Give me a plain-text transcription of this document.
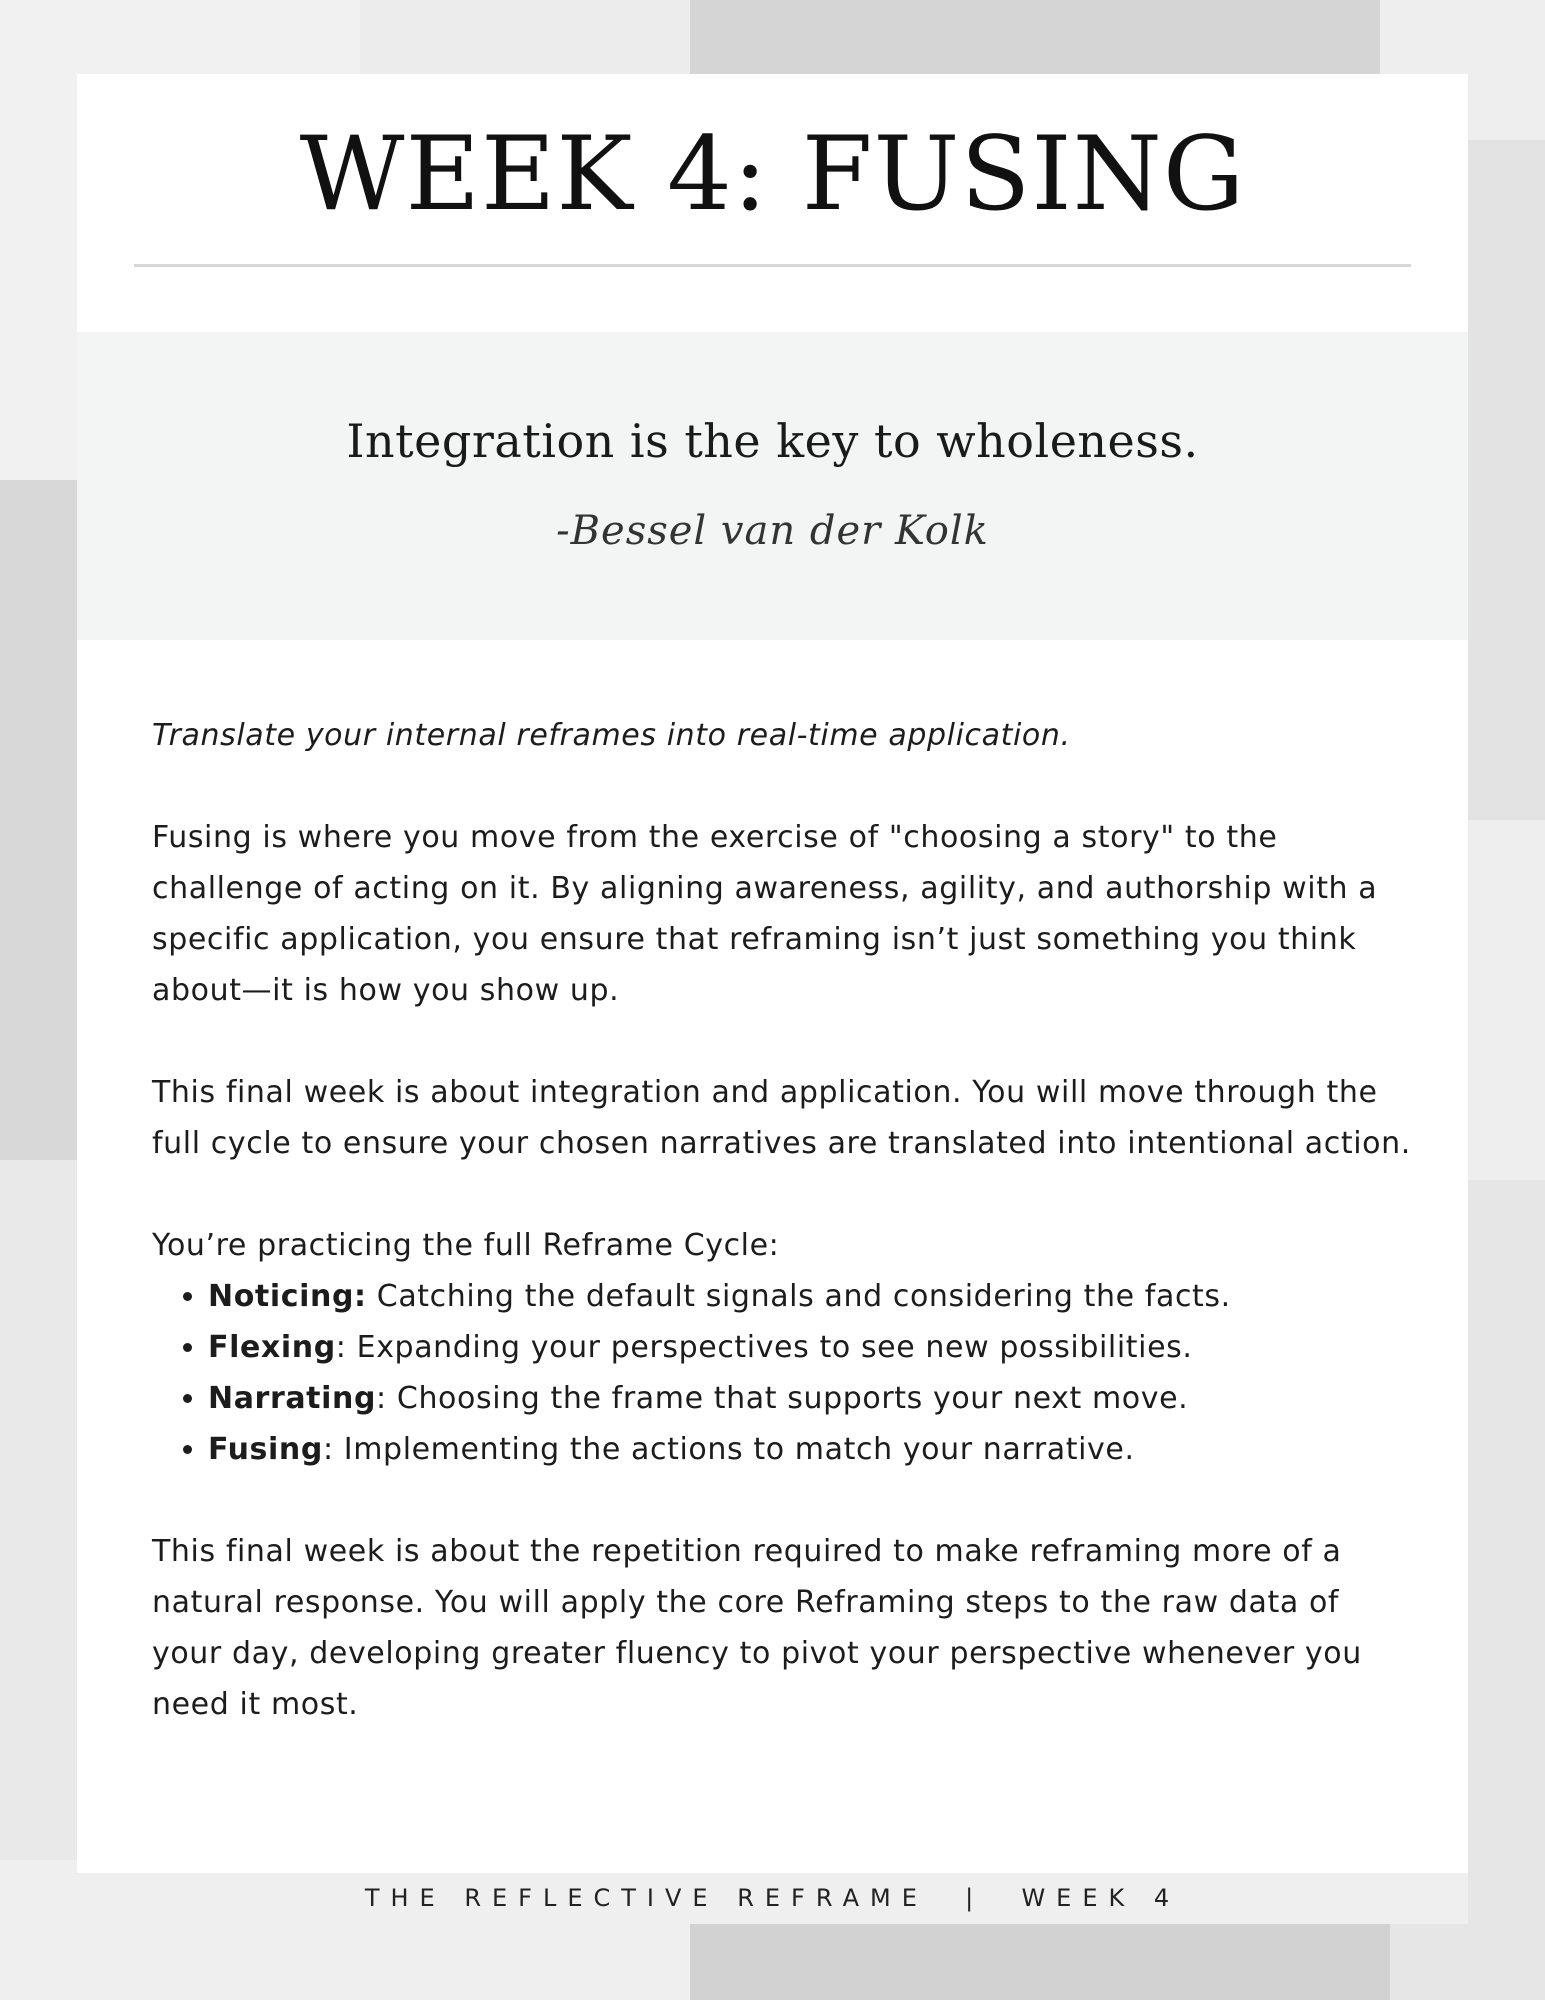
WEEK 4: FUSING
Integration is the key to wholeness.
-Bessel van der Kolk

Translate your internal reframes into real-time application.

Fusing is where you move from the exercise of "choosing a story" to the challenge of acting on it. By aligning awareness, agility, and authorship with a specific application, you ensure that reframing isn’t just something you think about—it is how you show up.

This final week is about integration and application. You will move through the full cycle to ensure your chosen narratives are translated into intentional action.

You’re practicing the full Reframe Cycle:

• Noticing: Catching the default signals and considering the facts.
• Flexing: Expanding your perspectives to see new possibilities.
• Narrating: Choosing the frame that supports your next move.
• Fusing: Implementing the actions to match your narrative.

This final week is about the repetition required to make reframing more of a natural response. You will apply the core Reframing steps to the raw data of your day, developing greater fluency to pivot your perspective whenever you need it most.

THE REFLECTIVE REFRAME  |  WEEK 4
